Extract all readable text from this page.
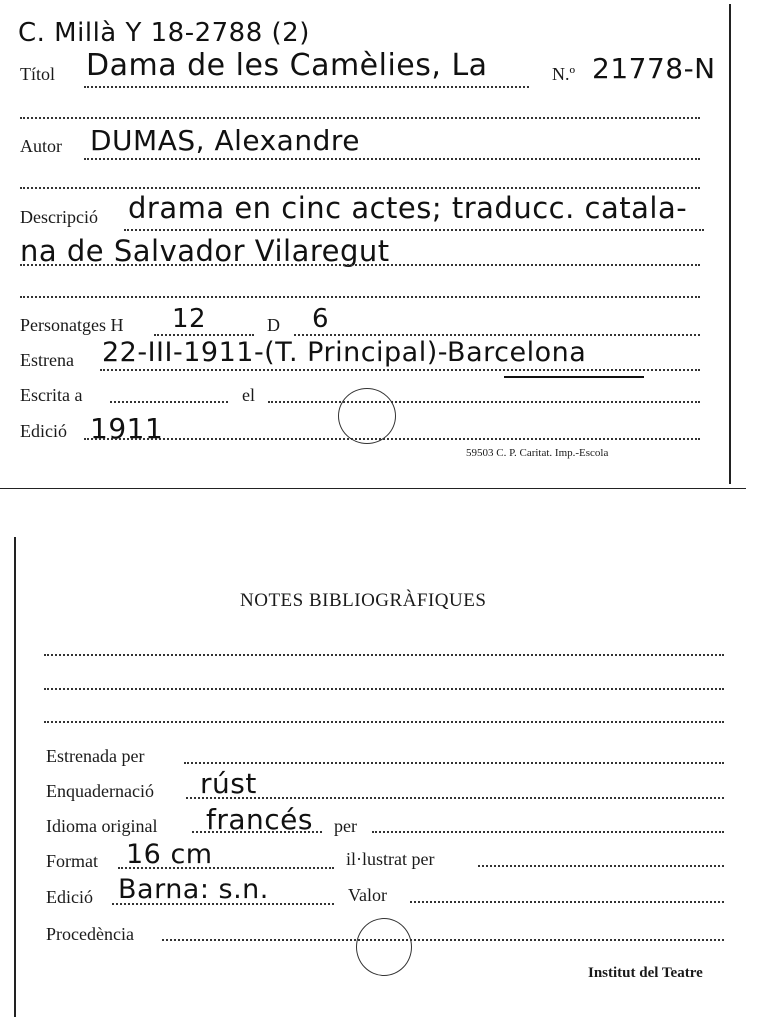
C. Millà Y 18-2788 (2)
Títol Dama de les Camèlies, La	N.º 21778-N
Autor DUMAS, Alexandre
Descripció drama en cinc actes; traducc. catala-
na de Salvador Vilaregut
Personatges H 12	D 6
Estrena 22-III-1911-(T. Principal)-Barcelona
Escrita a	el
Edició 1911
59503 C. P. Caritat. Imp.-Escola
NOTES BIBLIOGRÀFIQUES
Estrenada per
Enquadernació rúst
Idioma original francés per
Format 16 cm	il·lustrat per
Edició Barna: s.n.	Valor
Procedència
Institut del Teatre
